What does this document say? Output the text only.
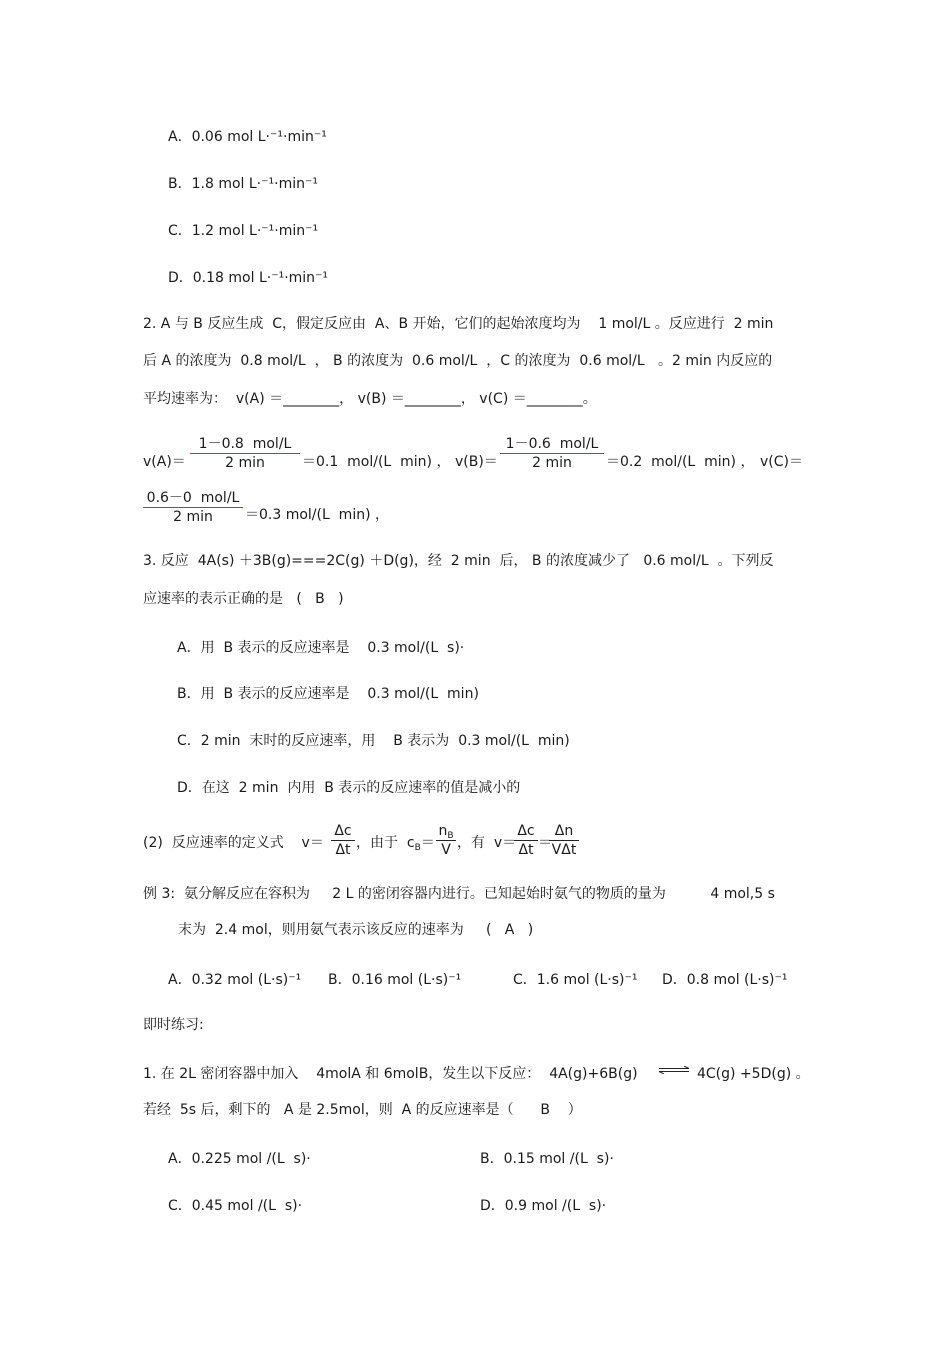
A．0.06 mol L·⁻¹·min⁻¹
B．1.8 mol L·⁻¹·min⁻¹
C．1.2 mol L·⁻¹·min⁻¹
D．0.18 mol L·⁻¹·min⁻¹
2. A 与 B 反应生成  C，假定反应由  A、B 开始，它们的起始浓度均为    1 mol/L 。反应进行  2 min
后 A 的浓度为  0.8 mol/L  ， B 的浓度为  0.6 mol/L  ，C 的浓度为  0.6 mol/L   。2 min 内反应的
平均速率为：  v(A) ＝________， v(B) ＝________， v(C) ＝________。
v(A)＝
1－0.8  mol/L
2 min	＝0.1  mol/(L  min) ， v(B)＝
1－0.6  mol/L
2 min	＝0.2  mol/(L  min) ， v(C)＝
0.6－0  mol/L
2 min	＝0.3 mol/(L  min) ，
3. 反应  4A(s) ＋3B(g)===2C(g) ＋D(g)，经  2 min  后， B 的浓度减少了   0.6 mol/L  。下列反
应速率的表示正确的是   (   B   )
A．用  B 表示的反应速率是    0.3 mol/(L  s)·
B．用  B 表示的反应速率是    0.3 mol/(L  min)
C．2 min  末时的反应速率，用    B 表示为  0.3 mol/(L  min)
D．在这  2 min  内用  B 表示的反应速率的值是减小的
(2)  反应速率的定义式    v＝
Δc
Δt ，由于  $c_B=$
$n_B$
V ，有  v＝
Δc
Δt ＝
Δn
VΔt
例 3:  氨分解反应在容积为     2 L 的密闭容器内进行。已知起始时氨气的物质的量为          4 mol,5 s
末为  2.4 mol，则用氨气表示该反应的速率为     (   A   )
A．0.32 mol (L·s)⁻¹ B．0.16 mol (L·s)⁻¹	C．1.6 mol (L·s)⁻¹ D．0.8 mol (L·s)⁻¹
即时练习:
1. 在 2L 密闭容器中加入    4molA 和 6molB，发生以下反应：  4A(g)+6B(g) ⇌ 4C(g) +5D(g) 。
若经  5s 后，剩下的   A 是 2.5mol，则  A 的反应速率是（      B    ）
A．0.225 mol /(L  s)·	B．0.15 mol /(L  s)·
C．0.45 mol /(L  s)·	D．0.9 mol /(L  s)·
